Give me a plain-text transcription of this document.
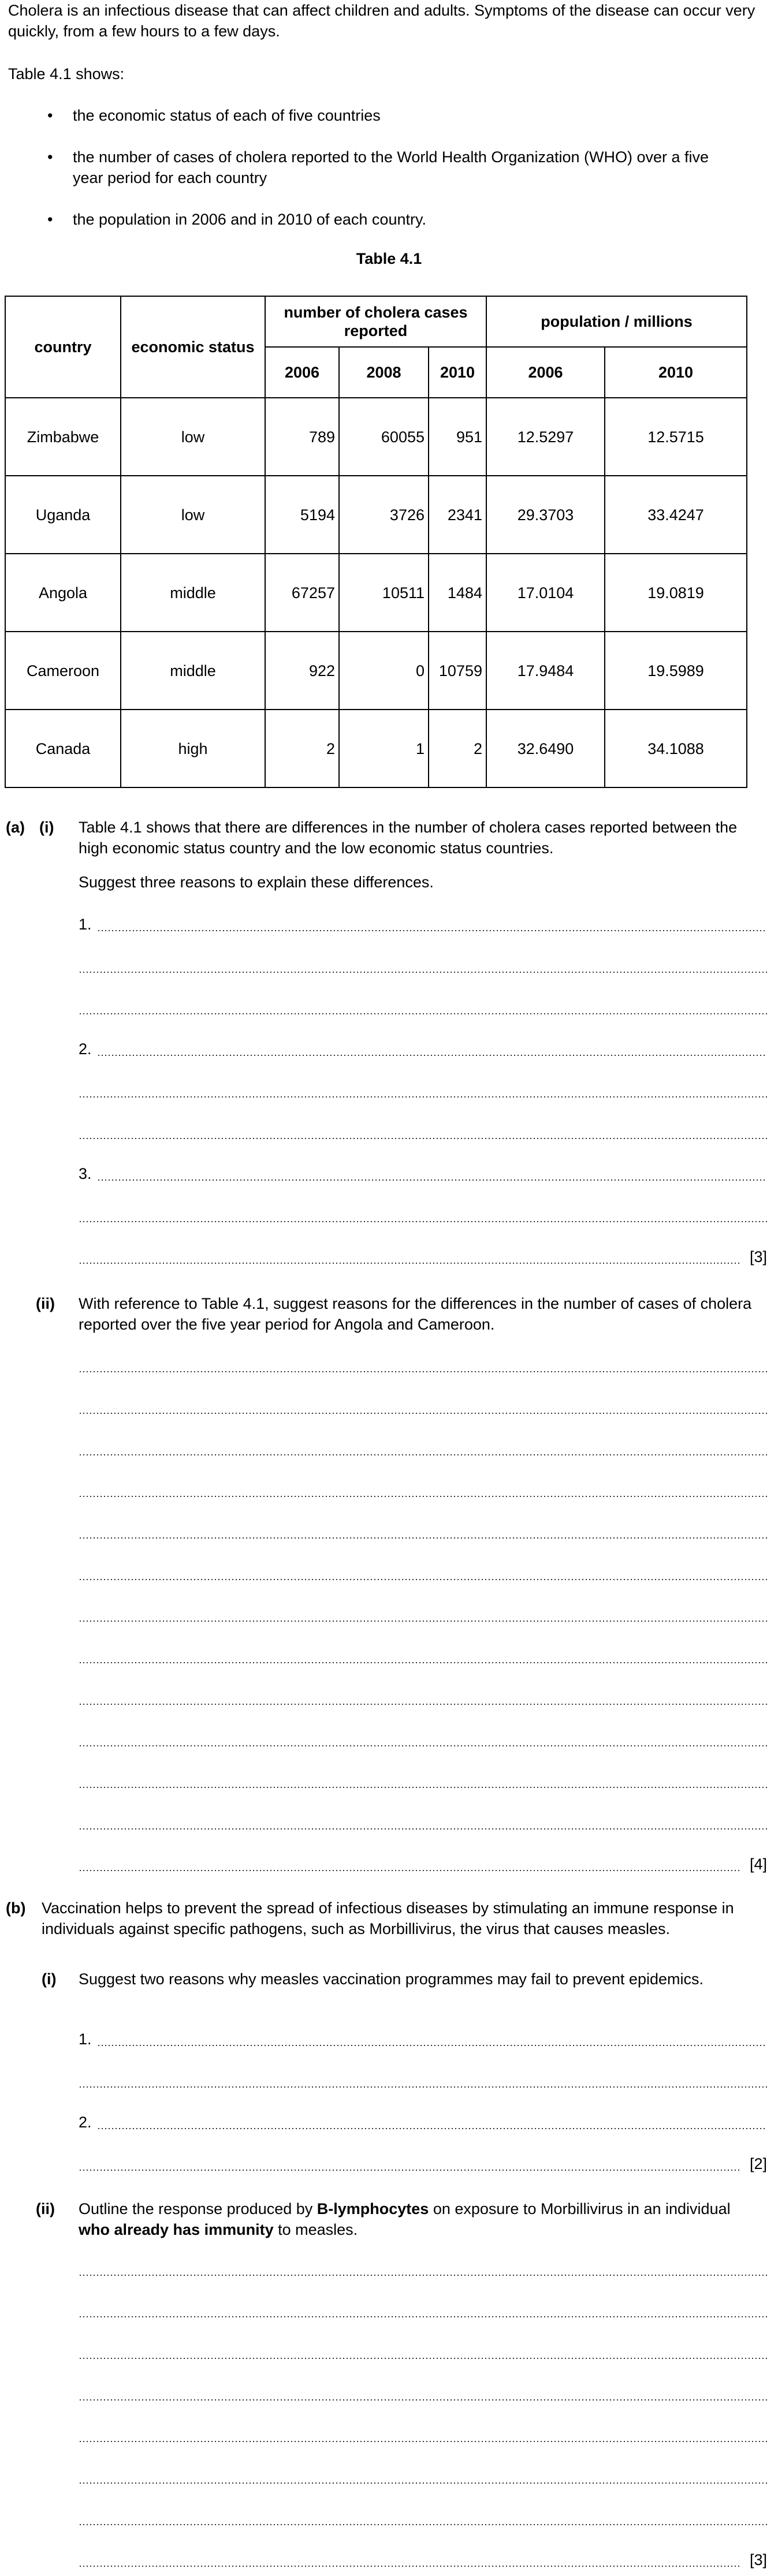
Cholera is an infectious disease that can affect children and adults. Symptoms of the disease can occur very quickly, from a few hours to a few days.

Table 4.1 shows:

• the economic status of each of five countries
• the number of cases of cholera reported to the World Health Organization (WHO) over a five year period for each country
• the population in 2006 and in 2010 of each country.
Table 4.1
country	economic status	number of cholera cases reported			population / millions	
		2006	2008	2010	2006	2010
Zimbabwe	low	789	60055	951	12.5297	12.5715
Uganda	low	5194	3726	2341	29.3703	33.4247
Angola	middle	67257	10511	1484	17.0104	19.0819
Cameroon	middle	922	0	10759	17.9484	19.5989
Canada	high	2	1	2	32.6490	34.1088
(a) (i) Table 4.1 shows that there are differences in the number of cholera cases reported between the high economic status country and the low economic status countries.
Suggest three reasons to explain these differences.
1.
2.
3.
[3]
(ii) With reference to Table 4.1, suggest reasons for the differences in the number of cases of cholera reported over the five year period for Angola and Cameroon.
[4]
(b) Vaccination helps to prevent the spread of infectious diseases by stimulating an immune response in individuals against specific pathogens, such as Morbillivirus, the virus that causes measles.
(i) Suggest two reasons why measles vaccination programmes may fail to prevent epidemics.
1.
2.
[2]
(ii) Outline the response produced by B-lymphocytes on exposure to Morbillivirus in an individual who already has immunity to measles.
[3]
